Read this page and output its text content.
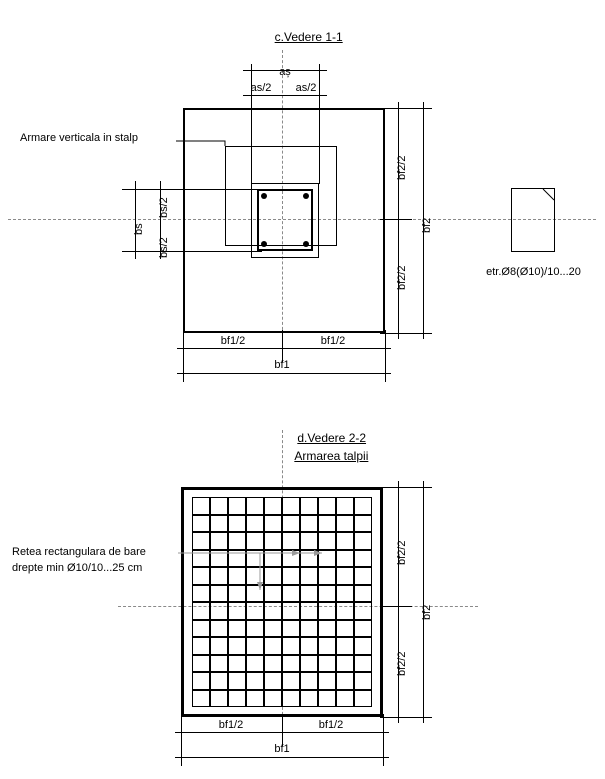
c.Vedere 1-1

aș
as/2	as/2
bs
bs/2
bs/2
bf2/2
bf2/2
bf2
bf1/2	bf1/2
bf1
Armare verticala in stalp
etr.Ø8(Ø10)/10...20

d.Vedere 2-2

Armarea talpii

bf2/2
bf2/2
bf2
bf1/2	bf1/2
bf1
Retea rectangulara de bare
drepte min Ø10/10...25 cm
